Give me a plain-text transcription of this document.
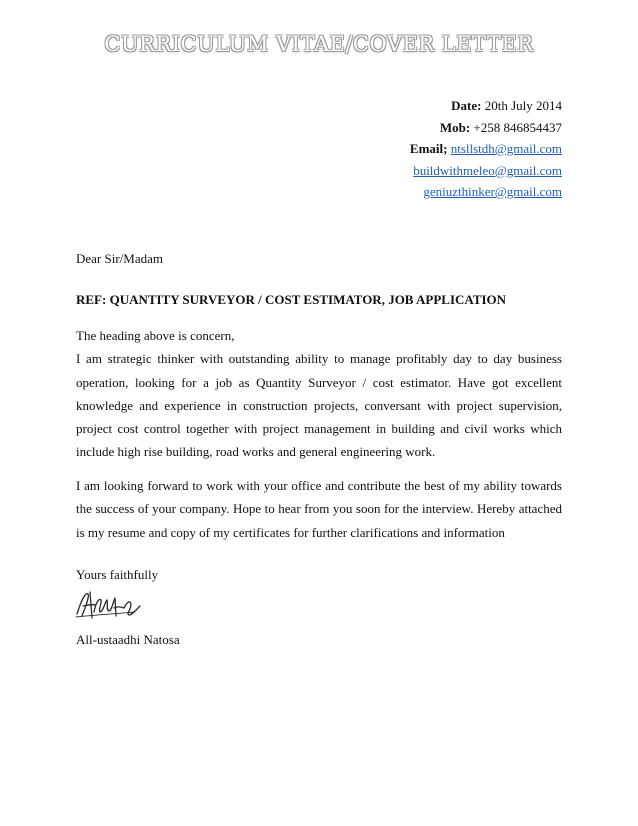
CURRICULUM VITAE/COVER LETTER
Date: 20th July 2014
Mob: +258 846854437
Email; ntsllstdh@gmail.com
buildwithmeleo@gmail.com
geniuzthinker@gmail.com
Dear Sir/Madam
REF: QUANTITY SURVEYOR / COST ESTIMATOR, JOB APPLICATION

The heading above is concern,

I am strategic thinker with outstanding ability to manage profitably day to day business operation, looking for a job as Quantity Surveyor / cost estimator. Have got excellent knowledge and experience in construction projects, conversant with project supervision, project cost control together with project management in building and civil works which include high rise building, road works and general engineering work.

I am looking forward to work with your office and contribute the best of my ability towards the success of your company. Hope to hear from you soon for the interview. Hereby attached is my resume and copy of my certificates for further clarifications and information

Yours faithfully
All-ustaadhi Natosa
